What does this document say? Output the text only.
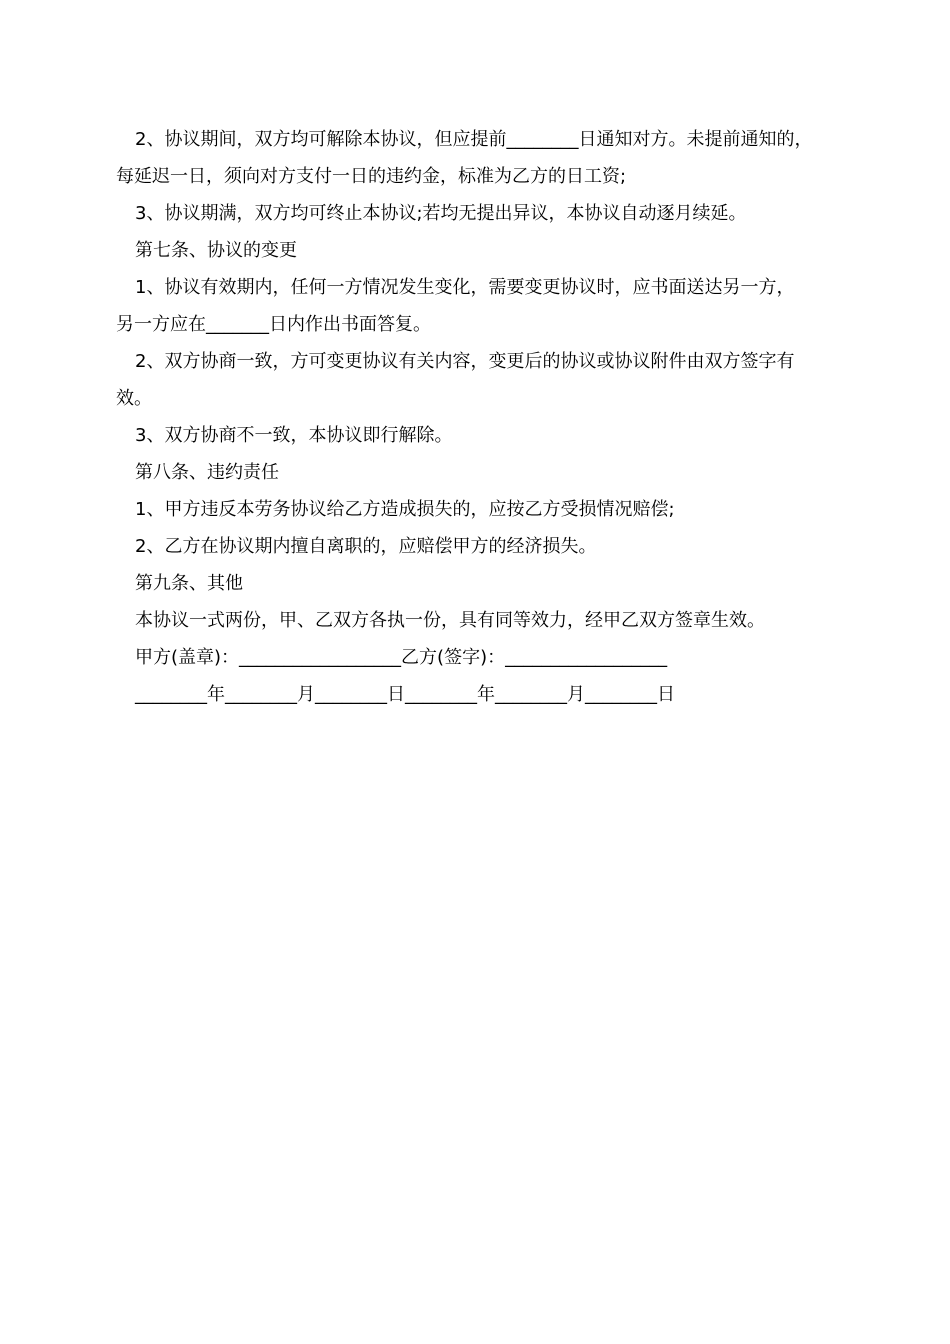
2、协议期间，双方均可解除本协议，但应提前________日通知对方。未提前通知的，

每延迟一日，须向对方支付一日的违约金，标准为乙方的日工资;

3、协议期满，双方均可终止本协议;若均无提出异议，本协议自动逐月续延。

第七条、协议的变更

1、协议有效期内，任何一方情况发生变化，需要变更协议时，应书面送达另一方，

另一方应在_______日内作出书面答复。

2、双方协商一致，方可变更协议有关内容，变更后的协议或协议附件由双方签字有

效。

3、双方协商不一致，本协议即行解除。

第八条、违约责任

1、甲方违反本劳务协议给乙方造成损失的，应按乙方受损情况赔偿;

2、乙方在协议期内擅自离职的，应赔偿甲方的经济损失。

第九条、其他

本协议一式两份，甲、乙双方各执一份，具有同等效力，经甲乙双方签章生效。

甲方(盖章)：__________________乙方(签字)：__________________

________年________月________日________年________月________日
